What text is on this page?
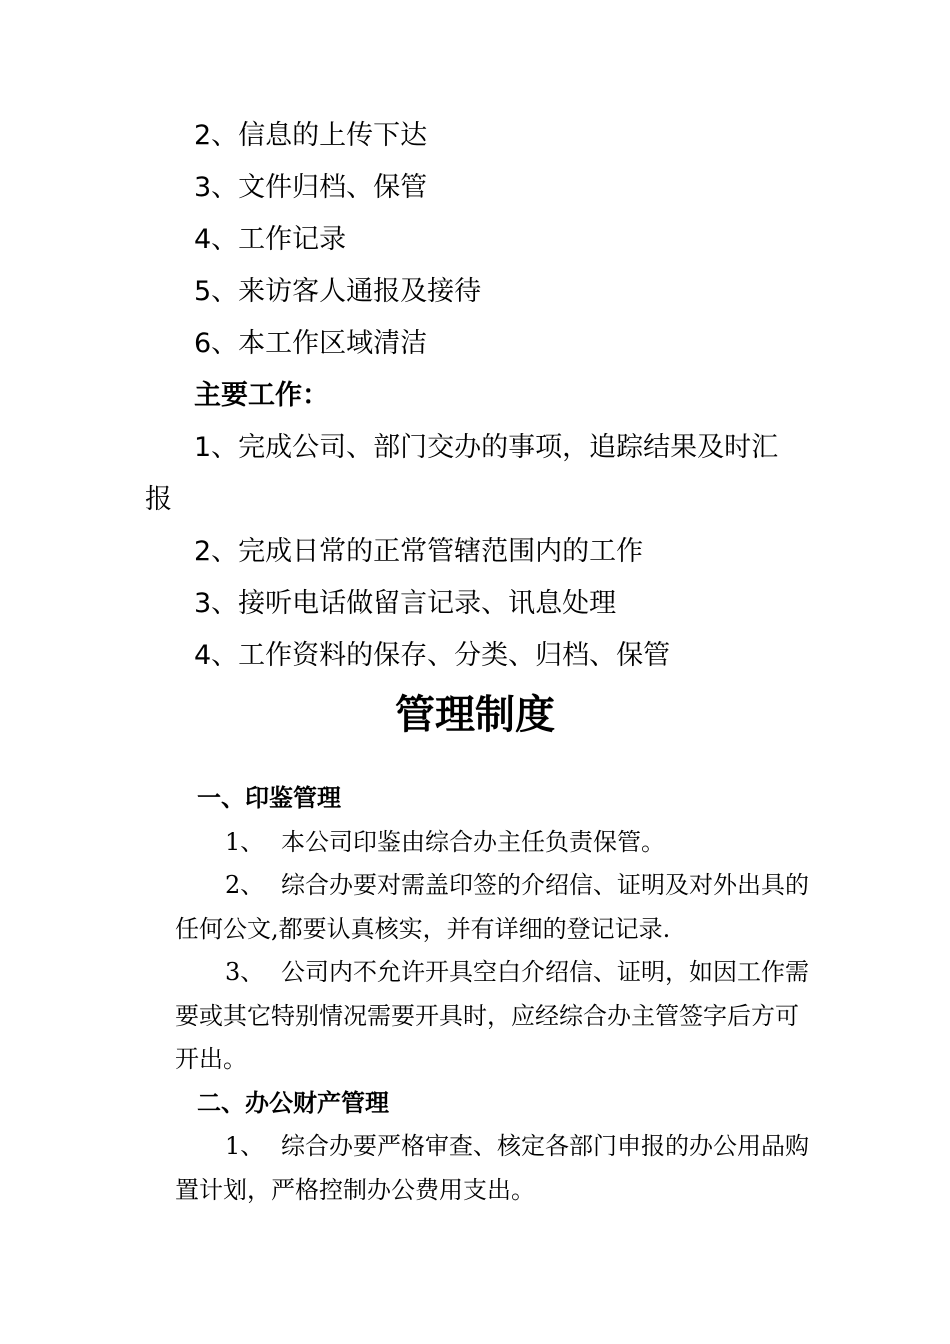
2、信息的上传下达

3、文件归档、保管

4、工作记录

5、来访客人通报及接待

6、本工作区域清洁

主要工作：

1、完成公司、部门交办的事项，追踪结果及时汇报

2、完成日常的正常管辖范围内的工作

3、接听电话做留言记录、讯息处理

4、工作资料的保存、分类、归档、保管

管理制度

一、印鉴管理

1、 本公司印鉴由综合办主任负责保管。

2、 综合办要对需盖印签的介绍信、证明及对外出具的任何公文,都要认真核实，并有详细的登记记录.

3、 公司内不允许开具空白介绍信、证明，如因工作需要或其它特别情况需要开具时，应经综合办主管签字后方可开出。

二、办公财产管理

1、 综合办要严格审查、核定各部门申报的办公用品购置计划，严格控制办公费用支出。
